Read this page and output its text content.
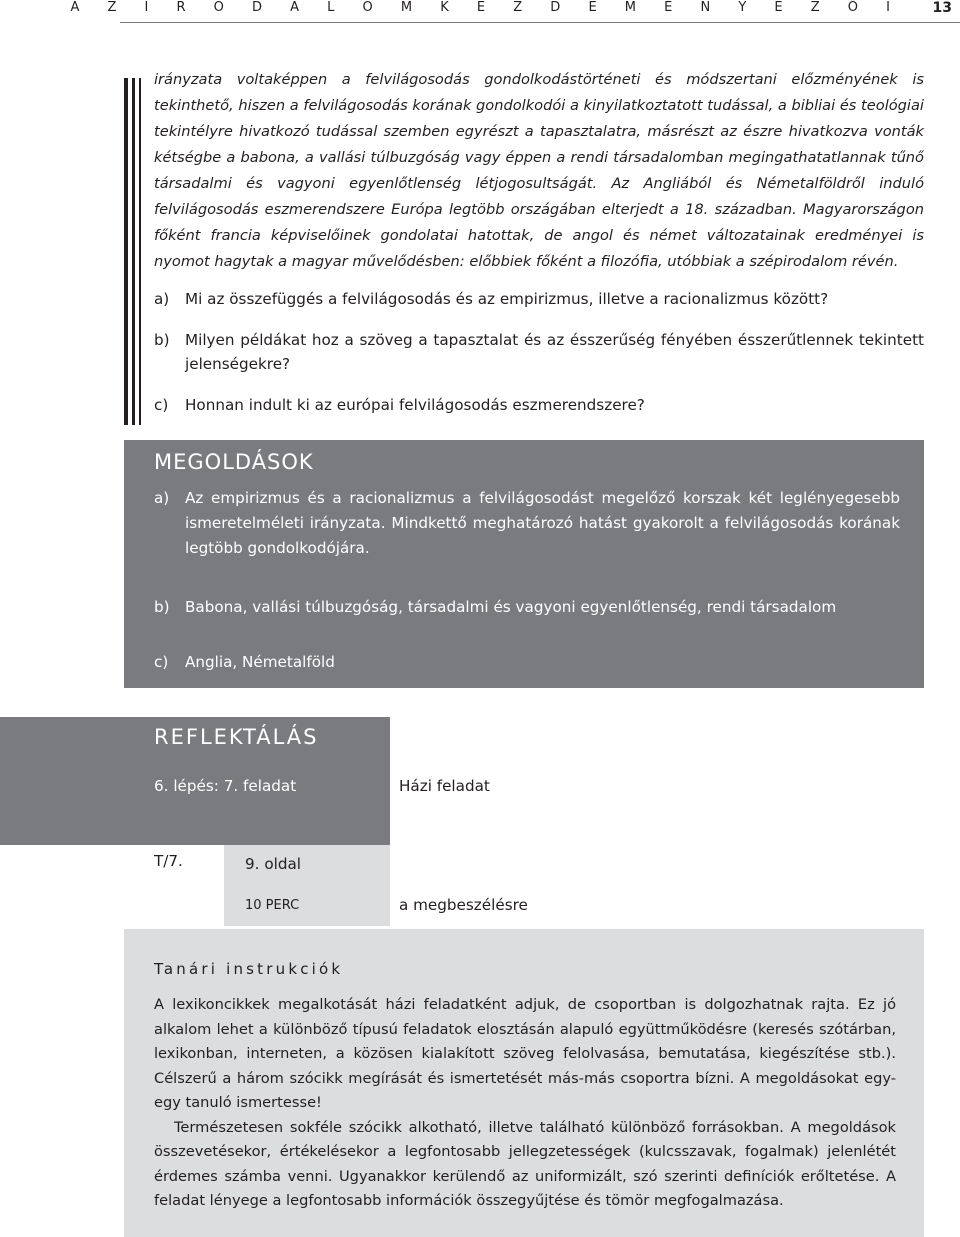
A Z I R O D A L O M K E Z D E M É N Y E Z Ő I 13
irányzata voltaképpen a felvilágosodás gondolkodástörténeti és módszertani előzményének is tekinthető, hiszen a felvilágosodás korának gondolkodói a kinyilatkoztatott tudással, a bibliai és teológiai tekintélyre hivatkozó tudással szemben egyrészt a tapasztalatra, másrészt az észre hivatkozva vonták kétségbe a babona, a vallási túlbuzgóság vagy éppen a rendi társadalomban megingathatatlannak tűnő társadalmi és vagyoni egyenlőtlenség létjogosultságát. Az Angliából és Németalföldről induló felvilágosodás eszmerendszere Európa legtöbb országában elterjedt a 18. században. Magyarországon főként francia képviselőinek gondolatai hatottak, de angol és német változatainak eredményei is nyomot hagytak a magyar művelődésben: előbbiek főként a filozófia, utóbbiak a szépirodalom révén.
a)	Mi az összefüggés a felvilágosodás és az empirizmus, illetve a racionalizmus között?
b)	Milyen példákat hoz a szöveg a tapasztalat és az ésszerűség fényében ésszerűtlennek tekintett jelenségekre?
c)	Honnan indult ki az európai felvilágosodás eszmerendszere?
MEGOLDÁSOK
a)	Az empirizmus és a racionalizmus a felvilágosodást megelőző korszak két leglényegesebb ismeretelméleti irányzata. Mindkettő meghatározó hatást gyakorolt a felvilágosodás korának legtöbb gondolkodójára.
b)	Babona, vallási túlbuzgóság, társadalmi és vagyoni egyenlőtlenség, rendi társadalom
c)	Anglia, Németalföld
REFLEKTÁLÁS
6. lépés: 7. feladat	Házi feladat
T/7.	9. oldal
10 PERC	a megbeszélésre
Tanári instrukciók

A lexikoncikkek megalkotását házi feladatként adjuk, de csoportban is dolgozhatnak rajta. Ez jó alkalom lehet a különböző típusú feladatok elosztásán alapuló együttműködésre (keresés szótárban, lexikonban, interneten, a közösen kialakított szöveg felolvasása, bemutatása, kiegészítése stb.). Célszerű a három szócikk megírását és ismertetését más-más csoportra bízni. A megoldásokat egy-egy tanuló ismertesse!

Természetesen sokféle szócikk alkotható, illetve található különböző forrásokban. A megoldások összevetésekor, értékelésekor a legfontosabb jellegzetességek (kulcsszavak, fogalmak) jelenlétét érdemes számba venni. Ugyanakkor kerülendő az uniformizált, szó szerinti definíciók erőltetése. A feladat lényege a legfontosabb információk összegyűjtése és tömör megfogalmazása.
